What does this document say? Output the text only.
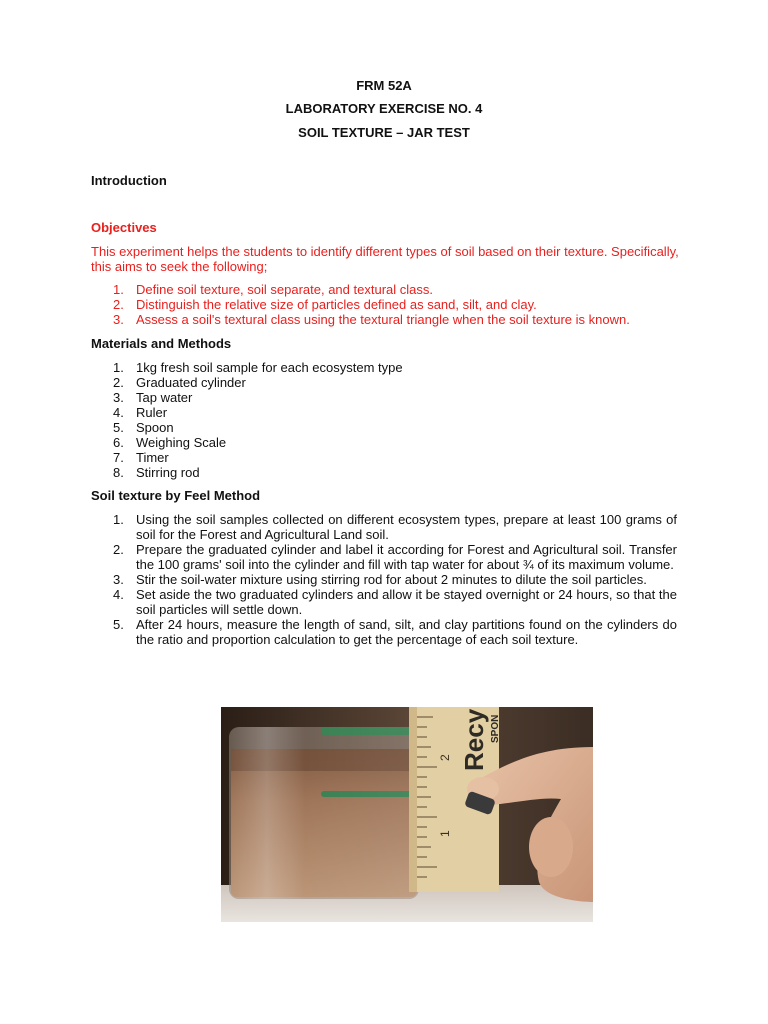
FRM 52A
LABORATORY EXERCISE NO. 4
SOIL TEXTURE – JAR TEST
Introduction
Objectives
This experiment helps the students to identify different types of soil based on their texture. Specifically, this aims to seek the following;
1. Define soil texture, soil separate, and textural class.
2. Distinguish the relative size of particles defined as sand, silt, and clay.
3. Assess a soil's textural class using the textural triangle when the soil texture is known.
Materials and Methods
1. 1kg fresh soil sample for each ecosystem type
2. Graduated cylinder
3. Tap water
4. Ruler
5. Spoon
6. Weighing Scale
7. Timer
8. Stirring rod
Soil texture by Feel Method
1. Using the soil samples collected on different ecosystem types, prepare at least 100 grams of soil for the Forest and Agricultural Land soil.
2. Prepare the graduated cylinder and label it according for Forest and Agricultural soil. Transfer the 100 grams' soil into the cylinder and fill with tap water for about ¾ of its maximum volume.
3. Stir the soil-water mixture using stirring rod for about 2 minutes to dilute the soil particles.
4. Set aside the two graduated cylinders and allow it be stayed overnight or 24 hours, so that the soil particles will settle down.
5. After 24 hours, measure the length of sand, silt, and clay partitions found on the cylinders do the ratio and proportion calculation to get the percentage of each soil texture.
2
1
Recy SPON
